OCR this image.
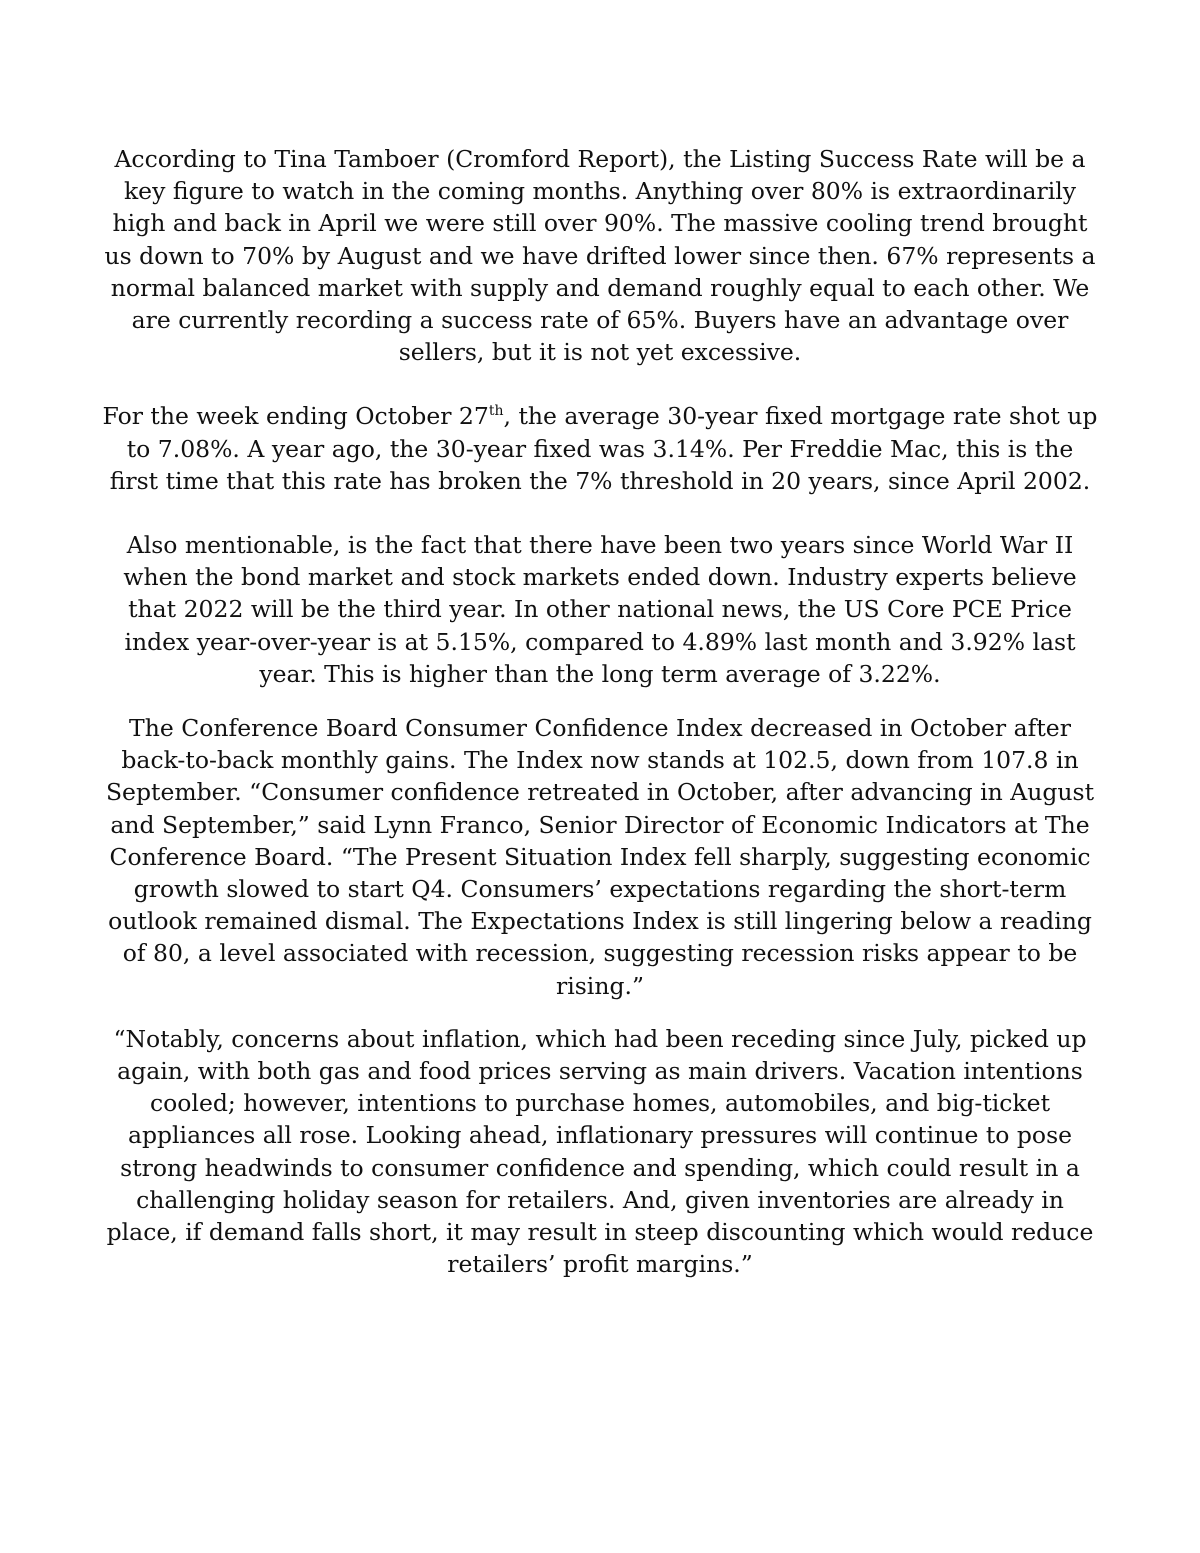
According to Tina Tamboer (Cromford Report), the Listing Success Rate will be a key figure to watch in the coming months. Anything over 80% is extraordinarily high and back in April we were still over 90%. The massive cooling trend brought us down to 70% by August and we have drifted lower since then. 67% represents a normal balanced market with supply and demand roughly equal to each other. We are currently recording a success rate of 65%. Buyers have an advantage over sellers, but it is not yet excessive.

For the week ending October 27th, the average 30-year fixed mortgage rate shot up to 7.08%. A year ago, the 30-year fixed was 3.14%. Per Freddie Mac, this is the first time that this rate has broken the 7% threshold in 20 years, since April 2002.

Also mentionable, is the fact that there have been two years since World War II when the bond market and stock markets ended down. Industry experts believe that 2022 will be the third year. In other national news, the US Core PCE Price index year-over-year is at 5.15%, compared to 4.89% last month and 3.92% last year. This is higher than the long term average of 3.22%.

The Conference Board Consumer Confidence Index decreased in October after back-to-back monthly gains. The Index now stands at 102.5, down from 107.8 in September. “Consumer confidence retreated in October, after advancing in August and September,” said Lynn Franco, Senior Director of Economic Indicators at The Conference Board. “The Present Situation Index fell sharply, suggesting economic growth slowed to start Q4. Consumers’ expectations regarding the short-term outlook remained dismal. The Expectations Index is still lingering below a reading of 80, a level associated with recession, suggesting recession risks appear to be rising.”

“Notably, concerns about inflation, which had been receding since July, picked up again, with both gas and food prices serving as main drivers. Vacation intentions cooled; however, intentions to purchase homes, automobiles, and big-ticket appliances all rose. Looking ahead, inflationary pressures will continue to pose strong headwinds to consumer confidence and spending, which could result in a challenging holiday season for retailers. And, given inventories are already in place, if demand falls short, it may result in steep discounting which would reduce retailers’ profit margins.”
